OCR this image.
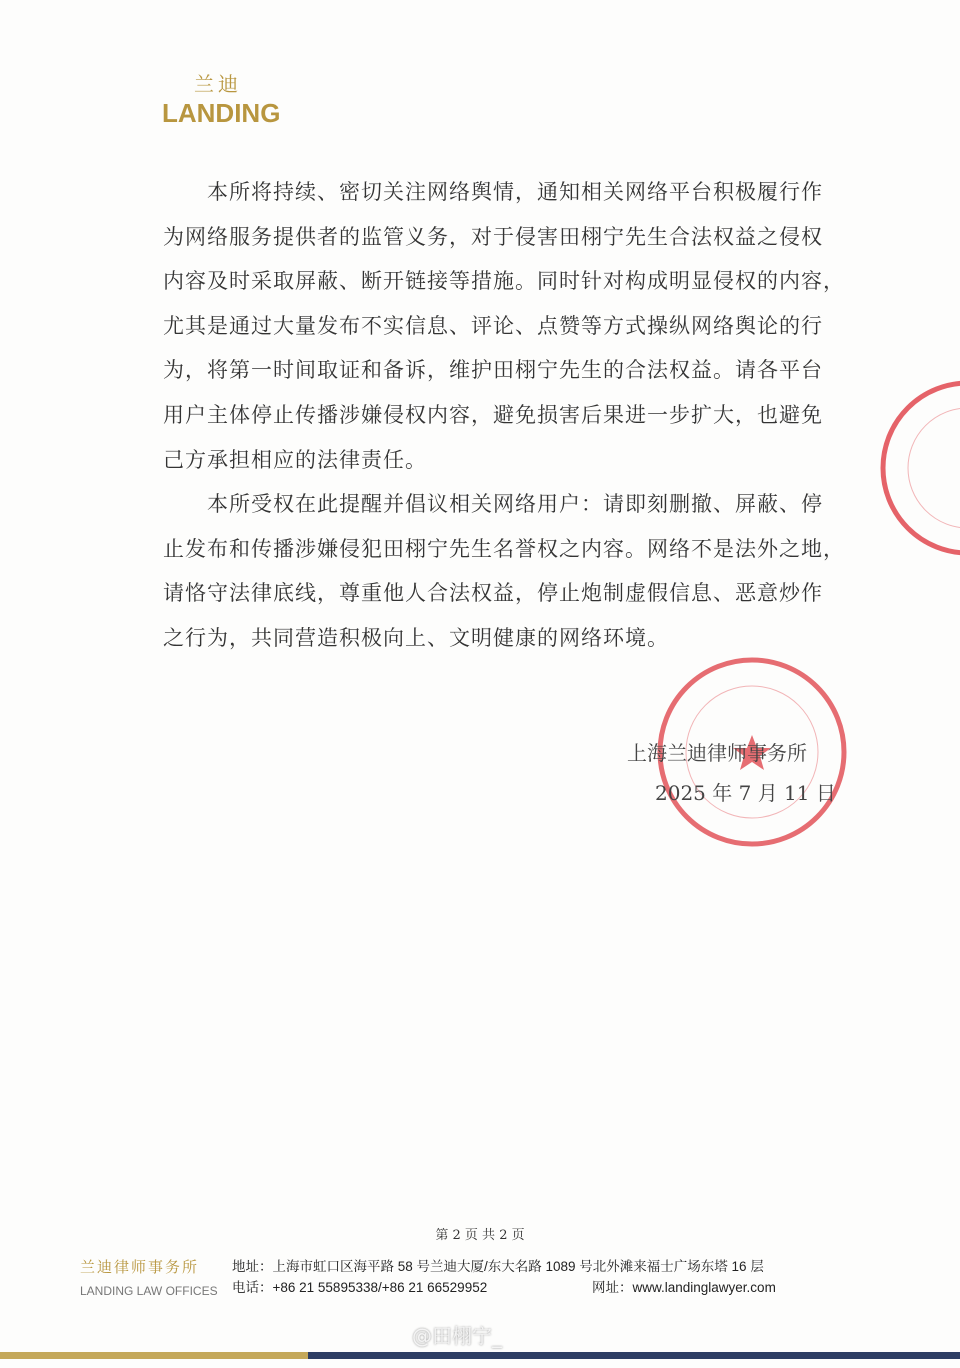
兰迪
LANDING
　　本所将持续、密切关注网络舆情，通知相关网络平台积极履行作
为网络服务提供者的监管义务，对于侵害田栩宁先生合法权益之侵权
内容及时采取屏蔽、断开链接等措施。同时针对构成明显侵权的内容，
尤其是通过大量发布不实信息、评论、点赞等方式操纵网络舆论的行
为，将第一时间取证和备诉，维护田栩宁先生的合法权益。请各平台
用户主体停止传播涉嫌侵权内容，避免损害后果进一步扩大，也避免
己方承担相应的法律责任。
　　本所受权在此提醒并倡议相关网络用户：请即刻删撤、屏蔽、停
止发布和传播涉嫌侵犯田栩宁先生名誉权之内容。网络不是法外之地，
请恪守法律底线，尊重他人合法权益，停止炮制虚假信息、恶意炒作
之行为，共同营造积极向上、文明健康的网络环境。
上海兰迪律师事务所
2025 年 7 月 11 日
第 2 页 共 2 页
兰迪律师事务所
LANDING LAW OFFICES
地址：上海市虹口区海平路 58 号兰迪大厦/东大名路 1089 号北外滩来福士广场东塔 16 层
电话：+86 21 55895338/+86 21 66529952	网址：www.landinglawyer.com
@田栩宁_
